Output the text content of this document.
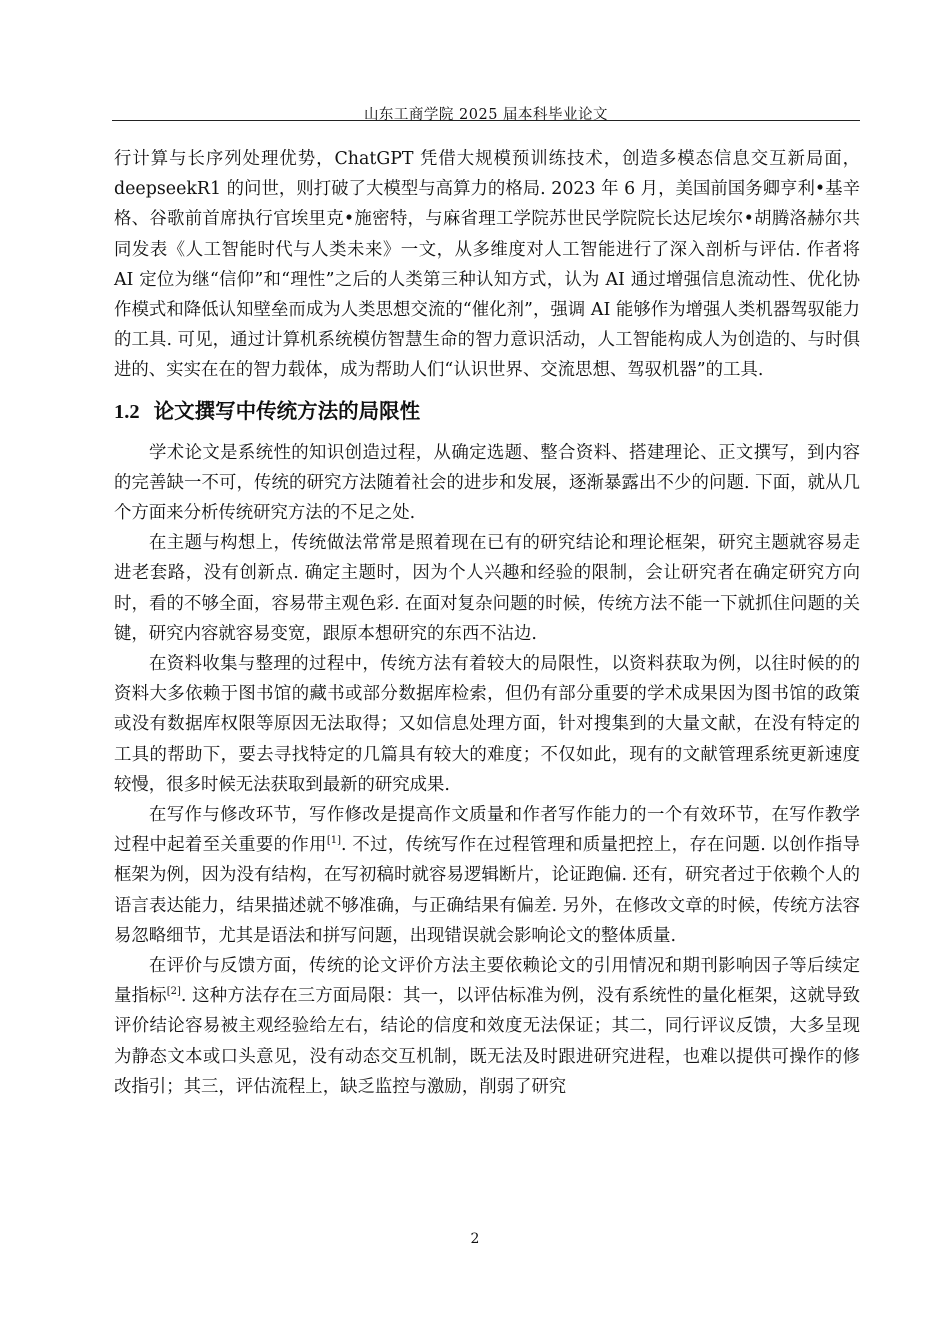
山东工商学院 2025 届本科毕业论文

行计算与长序列处理优势，ChatGPT 凭借大规模预训练技术，创造多模态信息交互新局面，deepseekR1 的问世，则打破了大模型与高算力的格局. 2023 年 6 月，美国前国务卿亨利•基辛格、谷歌前首席执行官埃里克•施密特，与麻省理工学院苏世民学院院长达尼埃尔•胡腾洛赫尔共同发表《人工智能时代与人类未来》一文，从多维度对人工智能进行了深入剖析与评估. 作者将 AI 定位为继“信仰”和“理性”之后的人类第三种认知方式，认为 AI 通过增强信息流动性、优化协作模式和降低认知壁垒而成为人类思想交流的“催化剂”，强调 AI 能够作为增强人类机器驾驭能力的工具. 可见，通过计算机系统模仿智慧生命的智力意识活动，人工智能构成人为创造的、与时俱进的、实实在在的智力载体，成为帮助人们“认识世界、交流思想、驾驭机器”的工具.

1.2 论文撰写中传统方法的局限性

学术论文是系统性的知识创造过程，从确定选题、整合资料、搭建理论、正文撰写，到内容的完善缺一不可，传统的研究方法随着社会的进步和发展，逐渐暴露出不少的问题. 下面，就从几个方面来分析传统研究方法的不足之处.

在主题与构想上，传统做法常常是照着现在已有的研究结论和理论框架，研究主题就容易走进老套路，没有创新点. 确定主题时，因为个人兴趣和经验的限制，会让研究者在确定研究方向时，看的不够全面，容易带主观色彩. 在面对复杂问题的时候，传统方法不能一下就抓住问题的关键，研究内容就容易变宽，跟原本想研究的东西不沾边.

在资料收集与整理的过程中，传统方法有着较大的局限性，以资料获取为例，以往时候的的资料大多依赖于图书馆的藏书或部分数据库检索，但仍有部分重要的学术成果因为图书馆的政策或没有数据库权限等原因无法取得；又如信息处理方面，针对搜集到的大量文献，在没有特定的工具的帮助下，要去寻找特定的几篇具有较大的难度；不仅如此，现有的文献管理系统更新速度较慢，很多时候无法获取到最新的研究成果.

在写作与修改环节，写作修改是提高作文质量和作者写作能力的一个有效环节，在写作教学过程中起着至关重要的作用[1]. 不过，传统写作在过程管理和质量把控上，存在问题. 以创作指导框架为例，因为没有结构，在写初稿时就容易逻辑断片，论证跑偏. 还有，研究者过于依赖个人的语言表达能力，结果描述就不够准确，与正确结果有偏差. 另外，在修改文章的时候，传统方法容易忽略细节，尤其是语法和拼写问题，出现错误就会影响论文的整体质量.

在评价与反馈方面，传统的论文评价方法主要依赖论文的引用情况和期刊影响因子等后续定量指标[2]. 这种方法存在三方面局限：其一，以评估标准为例，没有系统性的量化框架，这就导致评价结论容易被主观经验给左右，结论的信度和效度无法保证；其二，同行评议反馈，大多呈现为静态文本或口头意见，没有动态交互机制，既无法及时跟进研究进程，也难以提供可操作的修改指引；其三，评估流程上，缺乏监控与激励，削弱了研究

2
